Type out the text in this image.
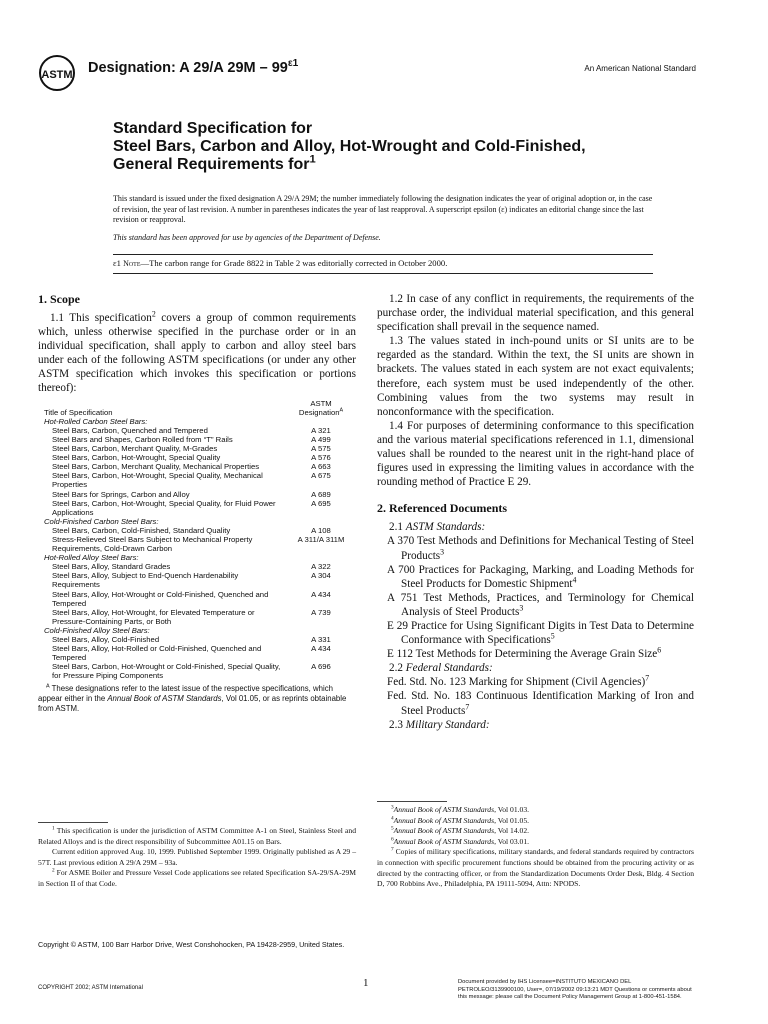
ASTM Designation: A 29/A $29M - 99^{\varepsilon 1}$	An American National Standard
Standard Specification for
Steel Bars, Carbon and Alloy, Hot-Wrought and Cold-Finished, General Requirements for$^1$

This standard is issued under the fixed designation A 29/A 29M; the number immediately following the designation indicates the year of original adoption or, in the case of revision, the year of last revision. A number in parentheses indicates the year of last reapproval. A superscript epsilon (ε) indicates an editorial change since the last revision or reapproval.

This standard has been approved for use by agencies of the Department of Defense.

ε1 Note—The carbon range for Grade 8822 in Table 2 was editorially corrected in October 2000.
1. Scope

1.1 This specification$^2$ covers a group of common requirements which, unless otherwise specified in the purchase order or in an individual specification, shall apply to carbon and alloy steel bars under each of the following ASTM specifications (or under any other ASTM specification which invokes this specification or portions thereof):

Title of Specification	ASTM
Designation$^A$
Hot-Rolled Carbon Steel Bars:	
Steel Bars, Carbon, Quenched and Tempered	A 321
Steel Bars and Shapes, Carbon Rolled from “T” Rails	A 499
Steel Bars, Carbon, Merchant Quality, M-Grades	A 575
Steel Bars, Carbon, Hot-Wrought, Special Quality	A 576
Steel Bars, Carbon, Merchant Quality, Mechanical Properties	A 663
Steel Bars, Carbon, Hot-Wrought, Special Quality, Mechanical Properties	A 675
Steel Bars for Springs, Carbon and Alloy	A 689
Steel Bars, Carbon, Hot-Wrought, Special Quality, for Fluid Power Applications	A 695
Cold-Finished Carbon Steel Bars:	
Steel Bars, Carbon, Cold-Finished, Standard Quality	A 108
Stress-Relieved Steel Bars Subject to Mechanical Property Requirements, Cold-Drawn Carbon	A 311/A 311M
Hot-Rolled Alloy Steel Bars:	
Steel Bars, Alloy, Standard Grades	A 322
Steel Bars, Alloy, Subject to End-Quench Hardenability Requirements	A 304
Steel Bars, Alloy, Hot-Wrought or Cold-Finished, Quenched and Tempered	A 434
Steel Bars, Alloy, Hot-Wrought, for Elevated Temperature or Pressure-Containing Parts, or Both	A 739
Cold-Finished Alloy Steel Bars:	
Steel Bars, Alloy, Cold-Finished	A 331
Steel Bars, Alloy, Hot-Rolled or Cold-Finished, Quenched and Tempered	A 434
Steel Bars, Carbon, Hot-Wrought or Cold-Finished, Special Quality, for Pressure Piping Components	A 696
$^A$ These designations refer to the latest issue of the respective specifications, which appear either in the Annual Book of ASTM Standards, Vol 01.05, or as reprints obtainable from ASTM.

$^1$ This specification is under the jurisdiction of ASTM Committee A-1 on Steel, Stainless Steel and Related Alloys and is the direct responsibility of Subcommittee A01.15 on Bars.

Current edition approved Aug. 10, 1999. Published September 1999. Originally published as A 29 – 57T. Last previous edition A 29/A 29M – 93a.

$^2$ For ASME Boiler and Pressure Vessel Code applications see related Specification SA-29/SA-29M in Section II of that Code.

1.2 In case of any conflict in requirements, the requirements of the purchase order, the individual material specification, and this general specification shall prevail in the sequence named.

1.3 The values stated in inch-pound units or SI units are to be regarded as the standard. Within the text, the SI units are shown in brackets. The values stated in each system are not exact equivalents; therefore, each system must be used independently of the other. Combining values from the two systems may result in nonconformance with the specification.

1.4 For purposes of determining conformance to this specification and the various material specifications referenced in 1.1, dimensional values shall be rounded to the nearest unit in the right-hand place of figures used in expressing the limiting values in accordance with the rounding method of Practice E 29.

2. Referenced Documents
2.1 ASTM Standards:

A 370 Test Methods and Definitions for Mechanical Testing of Steel Products$^3$

A 700 Practices for Packaging, Marking, and Loading Methods for Steel Products for Domestic Shipment$^4$

A 751 Test Methods, Practices, and Terminology for Chemical Analysis of Steel Products$^3$

E 29 Practice for Using Significant Digits in Test Data to Determine Conformance with Specifications$^5$

E 112 Test Methods for Determining the Average Grain Size$^6$

2.2 Federal Standards:

Fed. Std. No. 123 Marking for Shipment (Civil Agencies)$^7$

Fed. Std. No. 183 Continuous Identification Marking of Iron and Steel Products$^7$

2.3 Military Standard:

$^3$Annual Book of ASTM Standards, Vol 01.03.

$^4$Annual Book of ASTM Standards, Vol 01.05.

$^5$Annual Book of ASTM Standards, Vol 14.02.

$^6$Annual Book of ASTM Standards, Vol 03.01.

$^7$ Copies of military specifications, military standards, and federal standards required by contractors in connection with specific procurement functions should be obtained from the procuring activity or as directed by the contracting officer, or from the Standardization Documents Order Desk, Bldg. 4 Section D, 700 Robbins Ave., Philadelphia, PA 19111-5094, Attn: NPODS.

Copyright © ASTM, 100 Barr Harbor Drive, West Conshohocken, PA 19428-2959, United States.
1
COPYRIGHT 2002; ASTM International
Document provided by IHS Licensee=INSTITUTO MEXICANO DEL PETROLEO/3139900100, User=, 07/19/2002 09:13:21 MDT Questions or comments about this message: please call the Document Policy Management Group at 1-800-451-1584.
